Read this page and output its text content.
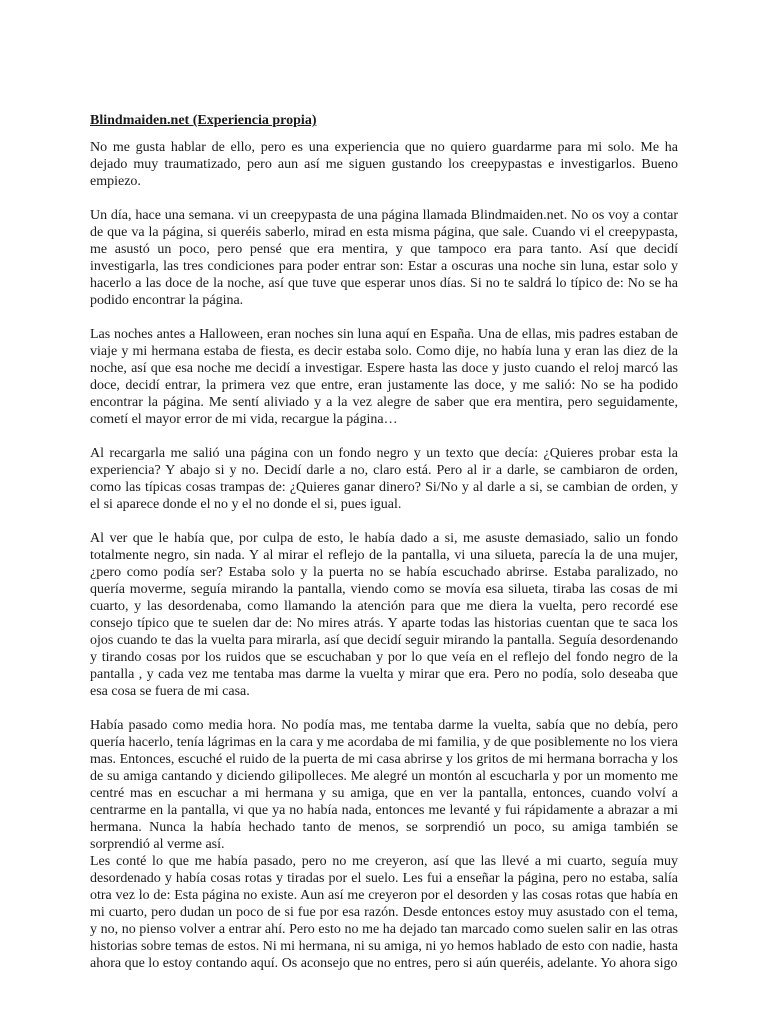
Blindmaiden.net (Experiencia propia)

No me gusta hablar de ello, pero es una experiencia que no quiero guardarme para mi solo. Me ha dejado muy traumatizado, pero aun así me siguen gustando los creepypastas e investigarlos. Bueno empiezo.

Un día, hace una semana. vi un creepypasta de una página llamada Blindmaiden.net. No os voy a contar de que va la página, si queréis saberlo, mirad en esta misma página, que sale. Cuando vi el creepypasta, me asustó un poco, pero pensé que era mentira, y que tampoco era para tanto. Así que decidí investigarla, las tres condiciones para poder entrar son: Estar a oscuras una noche sin luna, estar solo y hacerlo a las doce de la noche, así que tuve que esperar unos días. Si no te saldrá lo típico de: No se ha podido encontrar la página.

Las noches antes a Halloween, eran noches sin luna aquí en España. Una de ellas, mis padres estaban de viaje y mi hermana estaba de fiesta, es decir estaba solo. Como dije, no había luna y eran las diez de la noche, así que esa noche me decidí a investigar. Espere hasta las doce y justo cuando el reloj marcó las doce, decidí entrar, la primera vez que entre, eran justamente las doce, y me salió: No se ha podido encontrar la página. Me sentí aliviado y a la vez alegre de saber que era mentira, pero seguidamente, cometí el mayor error de mi vida, recargue la página…

Al recargarla me salió una página con un fondo negro y un texto que decía: ¿Quieres probar esta la experiencia? Y abajo si y no. Decidí darle a no, claro está. Pero al ir a darle, se cambiaron de orden, como las típicas cosas trampas de: ¿Quieres ganar dinero? Si/No y al darle a si, se cambian de orden, y el si aparece donde el no y el no donde el si, pues igual.

Al ver que le había que, por culpa de esto, le había dado a si, me asuste demasiado, salio un fondo totalmente negro, sin nada. Y al mirar el reflejo de la pantalla, vi una silueta, parecía la de una mujer, ¿pero como podía ser? Estaba solo y la puerta no se había escuchado abrirse. Estaba paralizado, no quería moverme, seguía mirando la pantalla, viendo como se movía esa silueta, tiraba las cosas de mi cuarto, y las desordenaba, como llamando la atención para que me diera la vuelta, pero recordé ese consejo típico que te suelen dar de: No mires atrás. Y aparte todas las historias cuentan que te saca los ojos cuando te das la vuelta para mirarla, así que decidí seguir mirando la pantalla. Seguía desordenando y tirando cosas por los ruidos que se escuchaban y por lo que veía en el reflejo del fondo negro de la pantalla , y cada vez me tentaba mas darme la vuelta y mirar que era. Pero no podía, solo deseaba que esa cosa se fuera de mi casa.

Había pasado como media hora. No podía mas, me tentaba darme la vuelta, sabía que no debía, pero quería hacerlo, tenía lágrimas en la cara y me acordaba de mi familia, y de que posiblemente no los viera mas. Entonces, escuché el ruido de la puerta de mi casa abrirse y los gritos de mi hermana borracha y los de su amiga cantando y diciendo gilipolleces. Me alegré un montón al escucharla y por un momento me centré mas en escuchar a mi hermana y su amiga, que en ver la pantalla, entonces, cuando volví a centrarme en la pantalla, vi que ya no había nada, entonces me levanté y fui rápidamente a abrazar a mi hermana. Nunca la había hechado tanto de menos, se sorprendió un poco, su amiga también se sorprendió al verme así.

Les conté lo que me había pasado, pero no me creyeron, así que las llevé a mi cuarto, seguía muy desordenado y había cosas rotas y tiradas por el suelo. Les fui a enseñar la página, pero no estaba, salía otra vez lo de: Esta página no existe. Aun así me creyeron por el desorden y las cosas rotas que había en mi cuarto, pero dudan un poco de si fue por esa razón. Desde entonces estoy muy asustado con el tema, y no, no pienso volver a entrar ahí. Pero esto no me ha dejado tan marcado como suelen salir en las otras historias sobre temas de estos. Ni mi hermana, ni su amiga, ni yo hemos hablado de esto con nadie, hasta ahora que lo estoy contando aquí. Os aconsejo que no entres, pero si aún queréis, adelante. Yo ahora sigo
